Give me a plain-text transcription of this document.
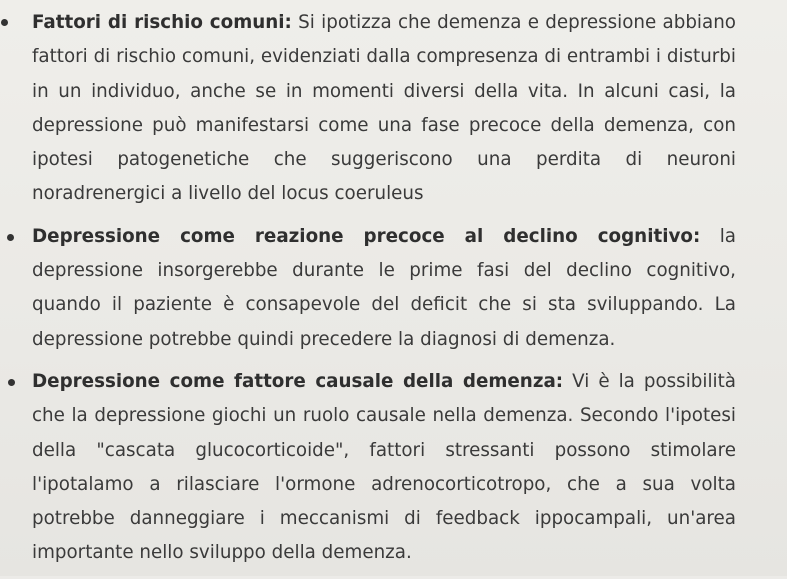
Fattori di rischio comuni: Si ipotizza che demenza e depressione abbiano fattori di rischio comuni, evidenziati dalla compresenza di entrambi i disturbi in un individuo, anche se in momenti diversi della vita. In alcuni casi, la depressione può manifestarsi come una fase precoce della demenza, con ipotesi patogenetiche che suggeriscono una perdita di neuroni noradrenergici a livello del locus coeruleus
Depressione come reazione precoce al declino cognitivo: la depressione insorgerebbe durante le prime fasi del declino cognitivo, quando il paziente è consapevole del deficit che si sta sviluppando. La depressione potrebbe quindi precedere la diagnosi di demenza.
Depressione come fattore causale della demenza: Vi è la possibilità che la depressione giochi un ruolo causale nella demenza. Secondo l'ipotesi della "cascata glucocorticoide", fattori stressanti possono stimolare l'ipotalamo a rilasciare l'ormone adrenocorticotropo, che a sua volta potrebbe danneggiare i meccanismi di feedback ippocampali, un'area importante nello sviluppo della demenza.
